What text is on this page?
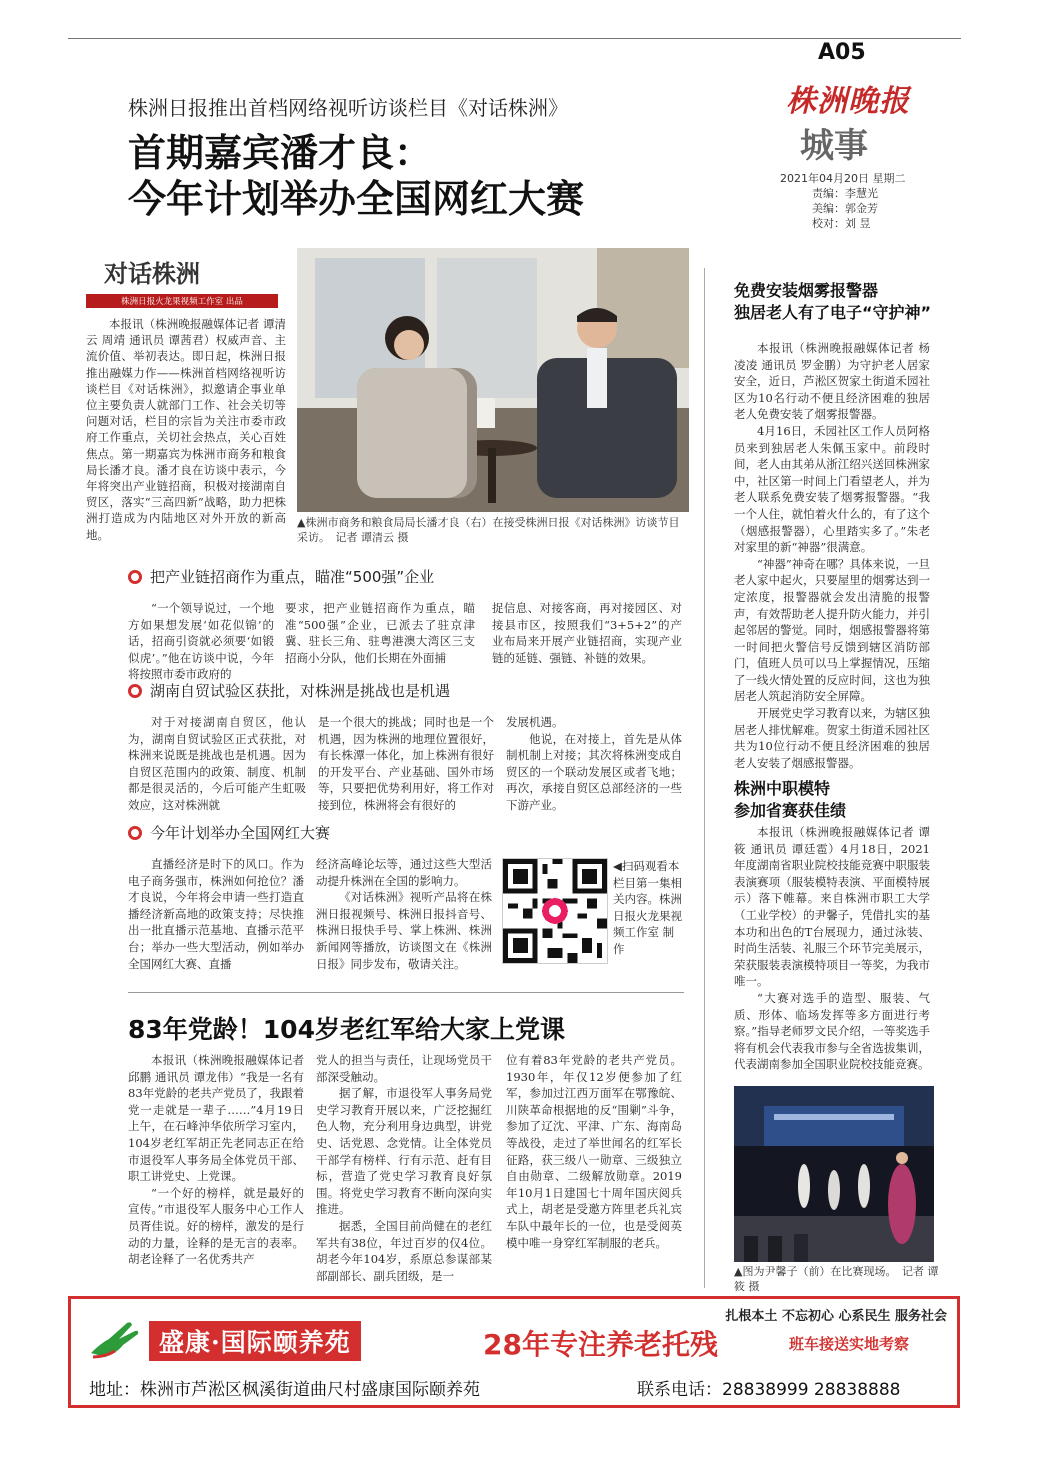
A05
株洲晚报
城事
2021年04月20日 星期二
责编：李慧光
美编：郭金芳
校对：刘 昱
株洲日报推出首档网络视听访谈栏目《对话株洲》
首期嘉宾潘才良：
今年计划举办全国网红大赛
对话株洲
株洲日报火龙果视频工作室 出品

本报讯（株洲晚报融媒体记者 谭清云 周靖 通讯员 谭茜君）权威声音、主流价值、举初表达。即日起，株洲日报推出融媒力作——株洲首档网络视听访谈栏目《对话株洲》，拟邀请企事业单位主要负责人就部门工作、社会关切等问题对话，栏目的宗旨为关注市委市政府工作重点，关切社会热点，关心百姓焦点。第一期嘉宾为株洲市商务和粮食局长潘才良。潘才良在访谈中表示，今年将突出产业链招商，积极对接湖南自贸区，落实“三高四新”战略，助力把株洲打造成为内陆地区对外开放的新高地。

▲株洲市商务和粮食局局长潘才良（右）在接受株洲日报《对话株洲》访谈节目采访。　记者 谭清云 摄
把产业链招商作为重点，瞄准“500强”企业

“一个领导说过，一个地方如果想发展‘如花似锦’的话，招商引资就必须要‘如锻似虎’。”他在访谈中说，今年将按照市委市政府的

要求，把产业链招商作为重点，瞄准“500强”企业，已派去了驻京津冀、驻长三角、驻粤港澳大湾区三支招商小分队，他们长期在外面捕

捉信息、对接客商，再对接园区、对接县市区，按照我们“3+5+2”的产业布局来开展产业链招商，实现产业链的延链、强链、补链的效果。

湖南自贸试验区获批，对株洲是挑战也是机遇

对于对接湖南自贸区，他认为，湖南自贸试验区正式获批，对株洲来说既是挑战也是机遇。因为自贸区范围内的政策、制度、机制都是很灵活的，今后可能产生虹吸效应，这对株洲就

是一个很大的挑战；同时也是一个机遇，因为株洲的地理位置很好，有长株潭一体化，加上株洲有很好的开发平台、产业基础、国外市场等，只要把优势利用好，将工作对接到位，株洲将会有很好的

发展机遇。

他说，在对接上，首先是从体制机制上对接；其次将株洲变成自贸区的一个联动发展区或者飞地；再次，承接自贸区总部经济的一些下游产业。

今年计划举办全国网红大赛

直播经济是时下的风口。作为电子商务强市，株洲如何抢位？潘才良说，今年将会申请一些打造直播经济新高地的政策支持；尽快推出一批直播示范基地、直播示范平台；举办一些大型活动，例如举办全国网红大赛、直播

经济高峰论坛等，通过这些大型活动提升株洲在全国的影响力。

《对话株洲》视听产品将在株洲日报视频号、株洲日报抖音号、株洲日报快手号、掌上株洲、株洲新闻网等播放，访谈图文在《株洲日报》同步发布，敬请关注。

◀扫码观看本栏目第一集相关内容。株洲日报火龙果视频工作室 制作
83年党龄！104岁老红军给大家上党课

本报讯（株洲晚报融媒体记者 邱鹏 通讯员 谭龙伟）“我是一名有83年党龄的老共产党员了，我跟着党一走就是一辈子……”4月19日上午，在石峰沖华依所学习室内，104岁老红军胡正先老同志正在给市退役军人事务局全体党员干部、职工讲党史、上党课。

“一个好的榜样，就是最好的宣传。”市退役军人服务中心工作人员胥佳说。好的榜样，激发的是行动的力量，诠释的是无言的表率。胡老诠释了一名优秀共产

党人的担当与责任，让现场党员干部深受触动。

据了解，市退役军人事务局党史学习教育开展以来，广泛挖掘红色人物，充分利用身边典型，讲党史、话党恩、念党情。让全体党员干部学有榜样、行有示范、赶有目标，营造了党史学习教育良好氛围。将党史学习教育不断向深向实推进。

据悉，全国目前尚健在的老红军共有38位，年过百岁的仅4位。胡老今年104岁，系原总参谋部某部副部长、副兵团级，是一

位有着83年党龄的老共产党员。1930年，年仅12岁便参加了红军，参加过江西万面军在鄂豫皖、川陕革命根据地的反“围剿”斗争，参加了辽沈、平津、广东、海南岛等战役，走过了举世闻名的红军长征路，获三级八一勋章、三级独立自由勋章、二级解放勋章。2019年10月1日建国七十周年国庆阅兵式上，胡老是受邀方阵里老兵礼宾车队中最年长的一位，也是受阅英模中唯一身穿红军制服的老兵。

免费安装烟雾报警器
独居老人有了电子“守护神”

本报讯（株洲晚报融媒体记者 杨凌凌 通讯员 罗金鹏）为守护老人居家安全，近日，芦淞区贺家土街道禾园社区为10名行动不便且经济困难的独居老人免费安装了烟雾报警器。

4月16日，禾园社区工作人员阿格员来到独居老人朱佩玉家中。前段时间，老人由其弟从浙江绍兴送回株洲家中，社区第一时间上门看望老人，并为老人联系免费安装了烟雾报警器。“我一个人住，就怕着火什么的，有了这个（烟感报警器），心里踏实多了。”朱老对家里的新“神器”很满意。

“神器”神奇在哪？具体来说，一旦老人家中起火，只要屋里的烟雾达到一定浓度，报警器就会发出清脆的报警声，有效帮助老人提升防火能力，并引起邻居的警觉。同时，烟感报警器将第一时间把火警信号反馈到辖区消防部门，值班人员可以马上掌握情况，压缩了一线火情处置的反应时间，这也为独居老人筑起消防安全屏障。

开展党史学习教育以来，为辖区独居老人排忧解难。贺家土街道禾园社区共为10位行动不便且经济困难的独居老人安装了烟感报警器。

株洲中职模特
参加省赛获佳绩

本报讯（株洲晚报融媒体记者 谭筱 通讯员 谭廷雹）4月18日，2021年度湖南省职业院校技能竞赛中职服装表演赛项（服装模特表演、平面模特展示）落下帷幕。来自株洲市职工大学（工业学校）的尹馨子，凭借扎实的基本功和出色的T台展现力，通过泳装、时尚生活装、礼服三个环节完美展示，荣获服装表演模特项目一等奖，为我市唯一。

“大赛对选手的造型、服装、气质、形体、临场发挥等多方面进行考察。”指导老师罗文民介绍，一等奖选手将有机会代表我市参与全省选拔集训，代表湖南参加全国职业院校技能竞赛。

▲图为尹馨子（前）在比赛现场。　记者 谭筱 摄
扎根本土 不忘初心 心系民生 服务社会
盛康·国际颐养苑	28年专注养老托残	班车接送实地考察
地址：株洲市芦淞区枫溪街道曲尺村盛康国际颐养苑	联系电话：28838999 28838888
